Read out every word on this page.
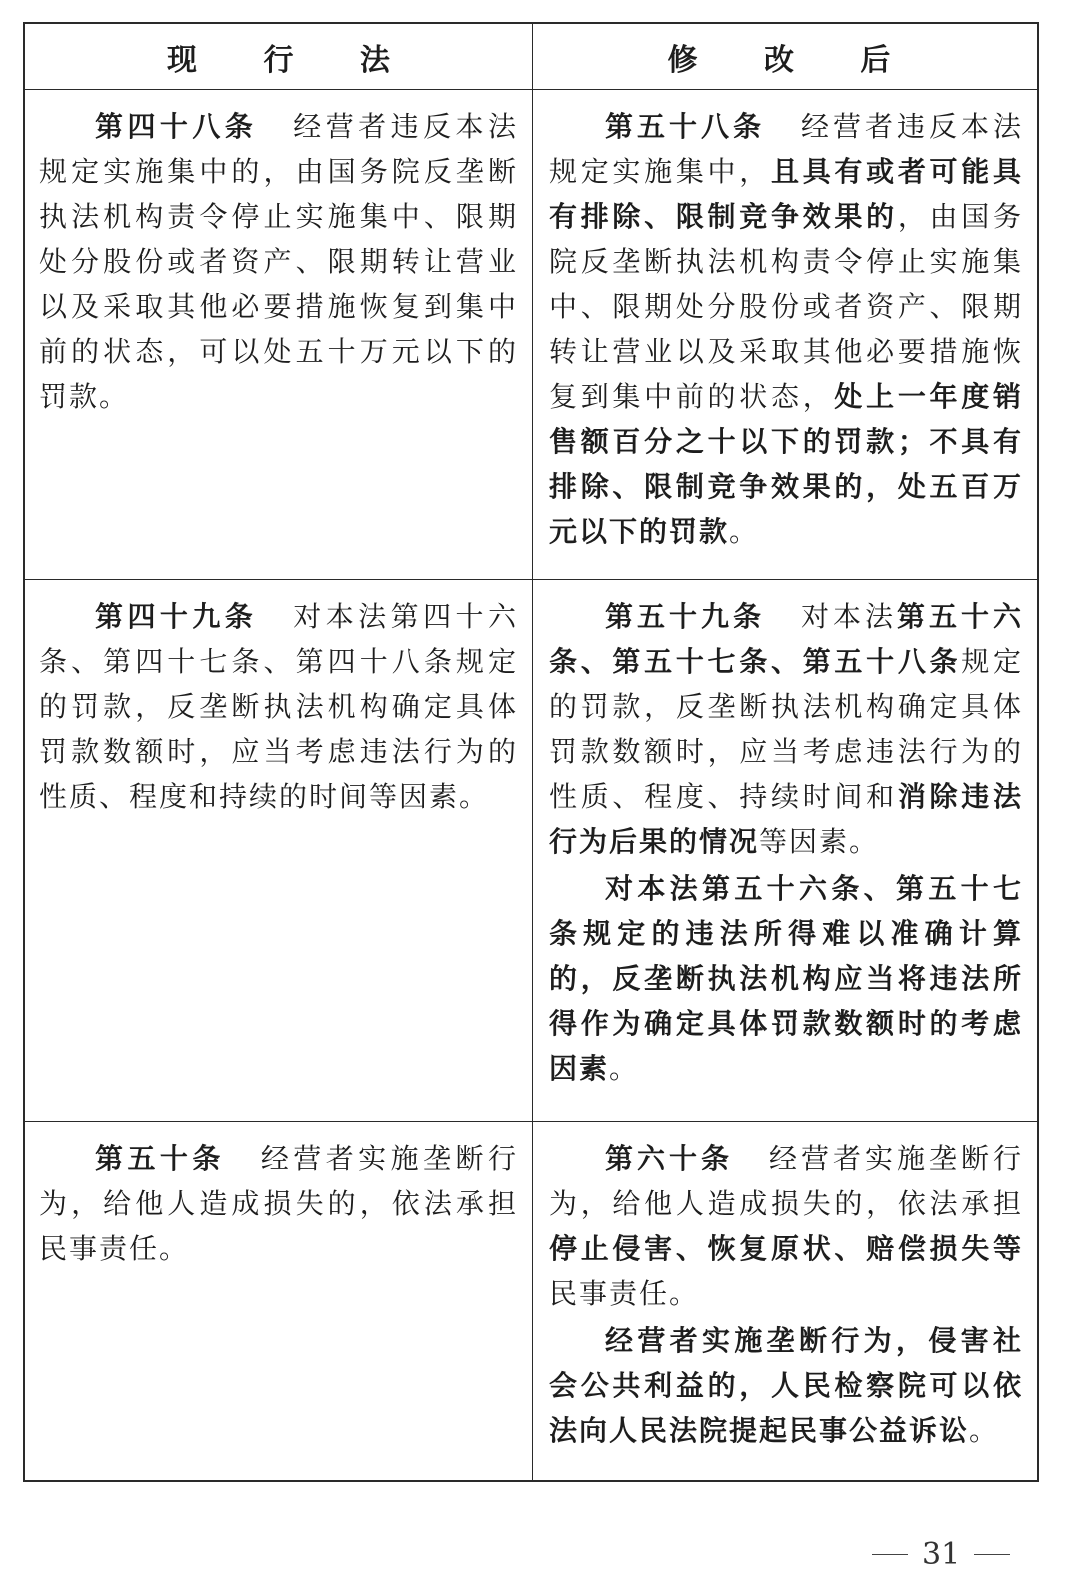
现 行 法	修 改 后

第四十八条 经营者违反本法规定实施集中的，由国务院反垄断执法机构责令停止实施集中、限期处分股份或者资产、限期转让营业以及采取其他必要措施恢复到集中前的状态，可以处五十万元以下的罚款。

第五十八条 经营者违反本法规定实施集中，且具有或者可能具有排除、限制竞争效果的，由国务院反垄断执法机构责令停止实施集中、限期处分股份或者资产、限期转让营业以及采取其他必要措施恢复到集中前的状态，处上一年度销售额百分之十以下的罚款；不具有排除、限制竞争效果的，处五百万元以下的罚款。

第四十九条 对本法第四十六条、第四十七条、第四十八条规定的罚款，反垄断执法机构确定具体罚款数额时，应当考虑违法行为的性质、程度和持续的时间等因素。

第五十九条 对本法第五十六条、第五十七条、第五十八条规定的罚款，反垄断执法机构确定具体罚款数额时，应当考虑违法行为的性质、程度、持续时间和消除违法行为后果的情况等因素。

对本法第五十六条、第五十七条规定的违法所得难以准确计算的，反垄断执法机构应当将违法所得作为确定具体罚款数额时的考虑因素。

第五十条 经营者实施垄断行为，给他人造成损失的，依法承担民事责任。

第六十条 经营者实施垄断行为，给他人造成损失的，依法承担停止侵害、恢复原状、赔偿损失等民事责任。

经营者实施垄断行为，侵害社会公共利益的，人民检察院可以依法向人民法院提起民事公益诉讼。

31
